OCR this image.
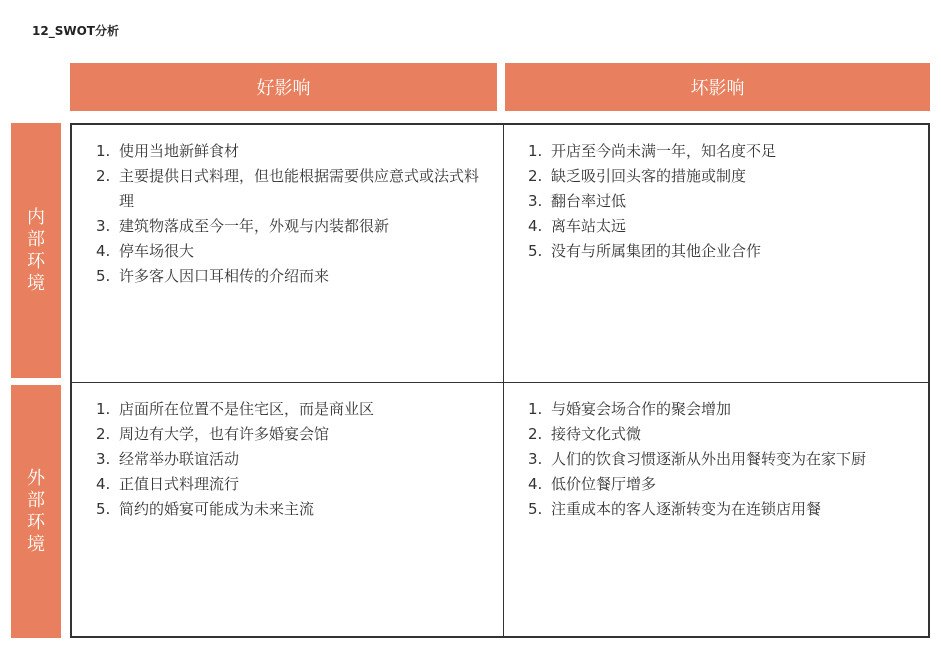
12_SWOT分析
好影响	坏影响
内部环境
外部环境
1. 使用当地新鲜食材
2. 主要提供日式料理，但也能根据需要供应意式或法式料理
3. 建筑物落成至今一年，外观与内装都很新
4. 停车场很大
5. 许多客人因口耳相传的介绍而来
1. 开店至今尚未满一年，知名度不足
2. 缺乏吸引回头客的措施或制度
3. 翻台率过低
4. 离车站太远
5. 没有与所属集团的其他企业合作
1. 店面所在位置不是住宅区，而是商业区
2. 周边有大学，也有许多婚宴会馆
3. 经常举办联谊活动
4. 正值日式料理流行
5. 简约的婚宴可能成为未来主流
1. 与婚宴会场合作的聚会增加
2. 接待文化式微
3. 人们的饮食习惯逐渐从外出用餐转变为在家下厨
4. 低价位餐厅增多
5. 注重成本的客人逐渐转变为在连锁店用餐
